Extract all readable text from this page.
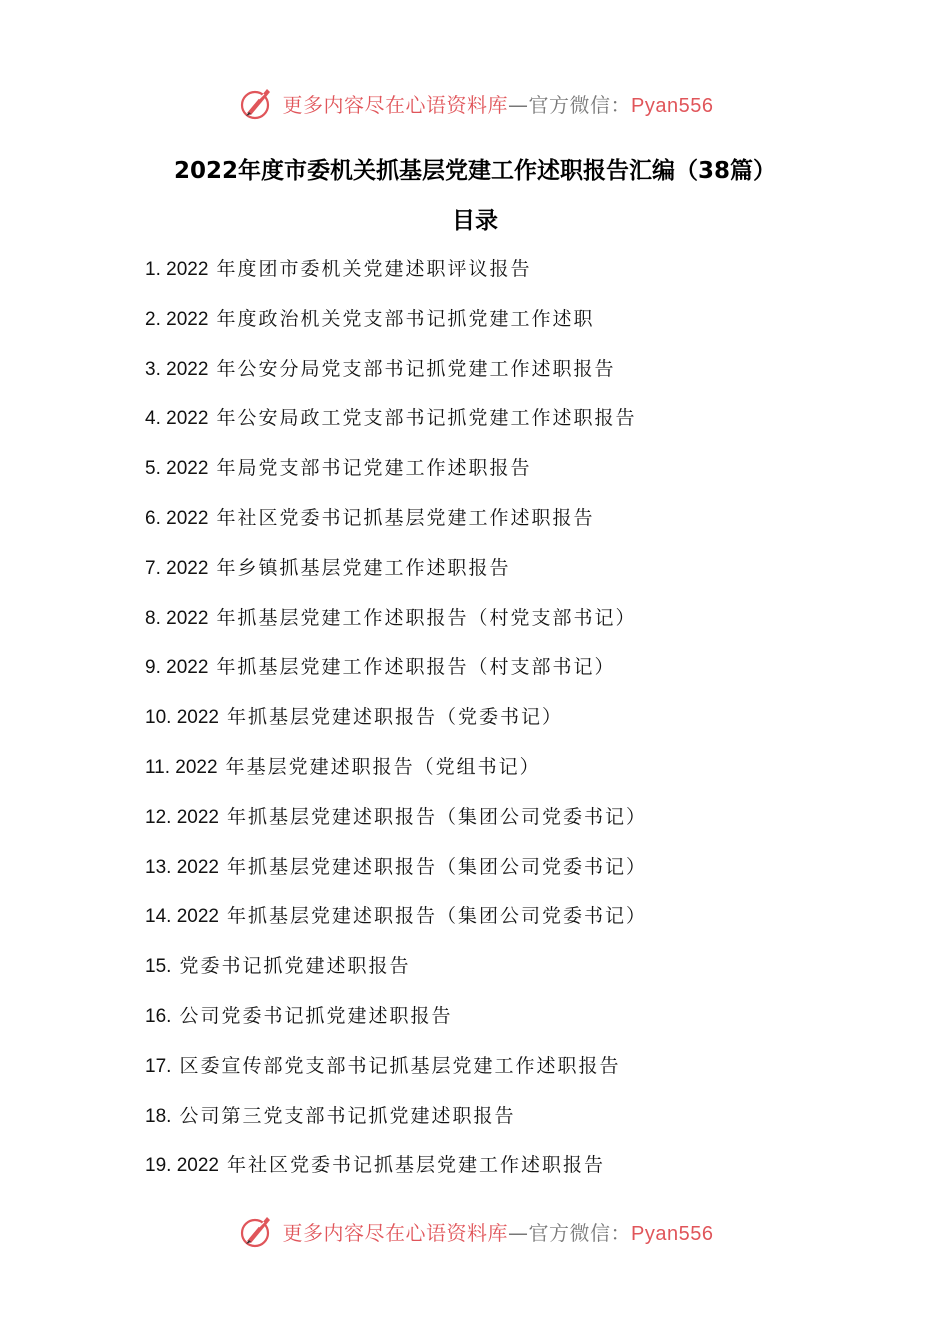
更多内容尽在心语资料库—官方微信：Pyan556
2022年度市委机关抓基层党建工作述职报告汇编（38篇）
目录
1. 2022 年度团市委机关党建述职评议报告
2. 2022 年度政治机关党支部书记抓党建工作述职
3. 2022 年公安分局党支部书记抓党建工作述职报告
4. 2022 年公安局政工党支部书记抓党建工作述职报告
5. 2022 年局党支部书记党建工作述职报告
6. 2022 年社区党委书记抓基层党建工作述职报告
7. 2022 年乡镇抓基层党建工作述职报告
8. 2022 年抓基层党建工作述职报告（村党支部书记）
9. 2022 年抓基层党建工作述职报告（村支部书记）
10. 2022 年抓基层党建述职报告（党委书记）
11. 2022 年基层党建述职报告（党组书记）
12. 2022 年抓基层党建述职报告（集团公司党委书记）
13. 2022 年抓基层党建述职报告（集团公司党委书记）
14. 2022 年抓基层党建述职报告（集团公司党委书记）
15. 党委书记抓党建述职报告
16. 公司党委书记抓党建述职报告
17. 区委宣传部党支部书记抓基层党建工作述职报告
18. 公司第三党支部书记抓党建述职报告
19. 2022 年社区党委书记抓基层党建工作述职报告
更多内容尽在心语资料库—官方微信：Pyan556
